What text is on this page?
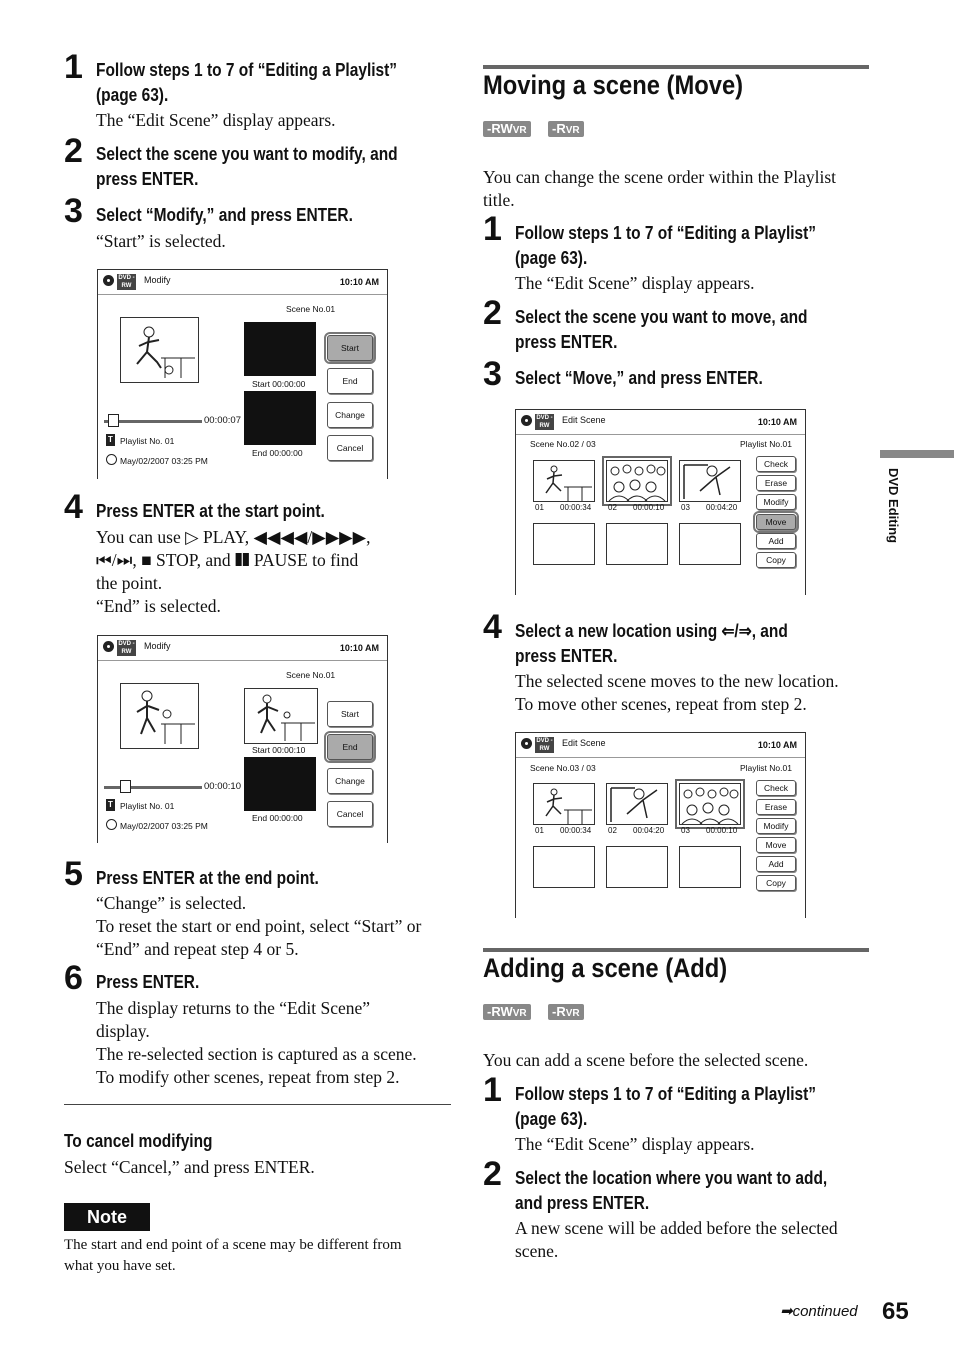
1 Follow steps 1 to 7 of “Editing a Playlist”
(page 63).
The “Edit Scene” display appears.
2 Select the scene you want to modify, and
press ENTER.
3 Select “Modify,” and press ENTER.
“Start” is selected.
DVD -RW
Modify	10:10 AM
Scene No.01
Start 00:00:00
End 00:00:00
00:00:07
T Playlist No. 01
May/02/2007 03:25 PM
Start
End
Change
Cancel
4 Press ENTER at the start point.
You can use ▷ PLAY, ◀◀◀◀/▶▶▶▶,
⏮/⏭, ■ STOP, and ❚❚ PAUSE to find
the point.
“End” is selected.
DVD -RW
Modify	10:10 AM
Scene No.01
Start 00:00:10
End 00:00:00
00:00:10
T Playlist No. 01
May/02/2007 03:25 PM
Start
End
Change
Cancel
5 Press ENTER at the end point.
“Change” is selected.
To reset the start or end point, select “Start” or
“End” and repeat step 4 or 5.
6 Press ENTER.
The display returns to the “Edit Scene”
display.
The re-selected section is captured as a scene.
To modify other scenes, repeat from step 2.
To cancel modifying
Select “Cancel,” and press ENTER.
Note
The start and end point of a scene may be different from
what you have set.
Moving a scene (Move)
-RWVR	-RVR
You can change the scene order within the Playlist
title.
1 Follow steps 1 to 7 of “Editing a Playlist”
(page 63).
The “Edit Scene” display appears.
2 Select the scene you want to move, and
press ENTER.
3 Select “Move,” and press ENTER.
DVD -RW
Edit Scene	10:10 AM
Scene No.02 / 03	Playlist No.01
01 00:00:34 02 00:00:10 03 00:04:20
Check
Erase
Modify
Move
Add
Copy
4 Select a new location using ⇐/⇒, and
press ENTER.
The selected scene moves to the new location.
To move other scenes, repeat from step 2.
DVD -RW
Edit Scene	10:10 AM
Scene No.03 / 03	Playlist No.01
01 00:00:34 02 00:04:20 03 00:00:10
Check
Erase
Modify
Move
Add
Copy
Adding a scene (Add)
-RWVR	-RVR
You can add a scene before the selected scene.
1 Follow steps 1 to 7 of “Editing a Playlist”
(page 63).
The “Edit Scene” display appears.
2 Select the location where you want to add,
and press ENTER.
A new scene will be added before the selected
scene.
DVD Editing
➡continued 65
